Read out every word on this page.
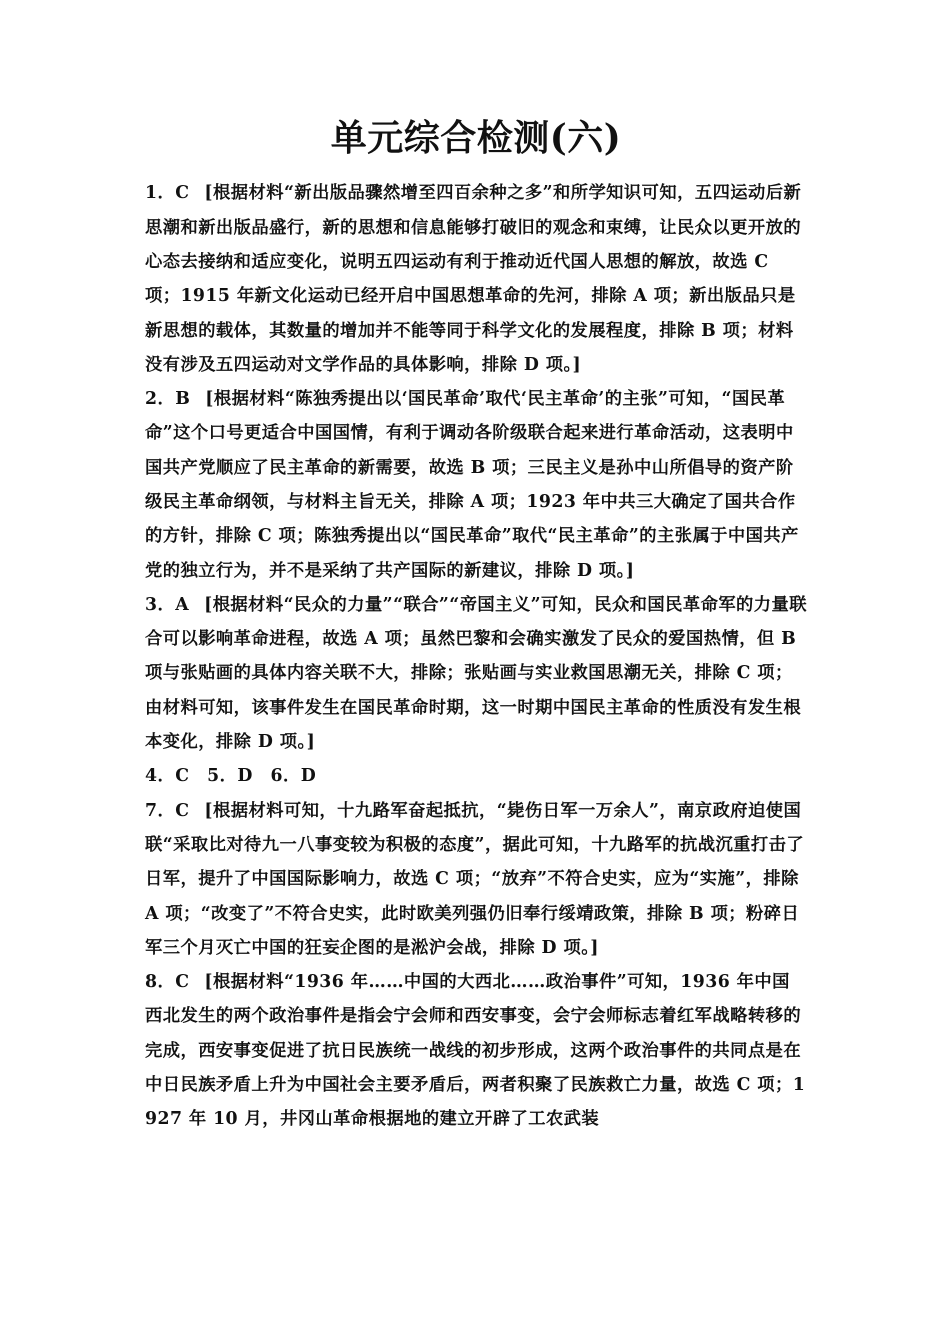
单元综合检测(六)

1．C [根据材料“新出版品骤然增至四百余种之多”和所学知识可知，五四运动后新思潮和新出版品盛行，新的思想和信息能够打破旧的观念和束缚，让民众以更开放的心态去接纳和适应变化，说明五四运动有利于推动近代国人思想的解放，故选 C 项；1915 年新文化运动已经开启中国思想革命的先河，排除 A 项；新出版品只是新思想的载体，其数量的增加并不能等同于科学文化的发展程度，排除 B 项；材料没有涉及五四运动对文学作品的具体影响，排除 D 项。]

2．B [根据材料“陈独秀提出以‘国民革命’取代‘民主革命’的主张”可知，“国民革命”这个口号更适合中国国情，有利于调动各阶级联合起来进行革命活动，这表明中国共产党顺应了民主革命的新需要，故选 B 项；三民主义是孙中山所倡导的资产阶级民主革命纲领，与材料主旨无关，排除 A 项；1923 年中共三大确定了国共合作的方针，排除 C 项；陈独秀提出以“国民革命”取代“民主革命”的主张属于中国共产党的独立行为，并不是采纳了共产国际的新建议，排除 D 项。]

3．A [根据材料“民众的力量”“联合”“帝国主义”可知，民众和国民革命军的力量联合可以影响革命进程，故选 A 项；虽然巴黎和会确实激发了民众的爱国热情，但 B 项与张贴画的具体内容关联不大，排除；张贴画与实业救国思潮无关，排除 C 项；由材料可知，该事件发生在国民革命时期，这一时期中国民主革命的性质没有发生根本变化，排除 D 项。]

4．C　5．D　6．D

7．C [根据材料可知，十九路军奋起抵抗，“毙伤日军一万余人”，南京政府迫使国联“采取比对待九一八事变较为积极的态度”，据此可知，十九路军的抗战沉重打击了日军，提升了中国国际影响力，故选 C 项；“放弃”不符合史实，应为“实施”，排除 A 项；“改变了”不符合史实，此时欧美列强仍旧奉行绥靖政策，排除 B 项；粉碎日军三个月灭亡中国的狂妄企图的是淞沪会战，排除 D 项。]

8．C [根据材料“1936 年……中国的大西北……政治事件”可知，1936 年中国西北发生的两个政治事件是指会宁会师和西安事变，会宁会师标志着红军战略转移的完成，西安事变促进了抗日民族统一战线的初步形成，这两个政治事件的共同点是在中日民族矛盾上升为中国社会主要矛盾后，两者积聚了民族救亡力量，故选 C 项；1927 年 10 月，井冈山革命根据地的建立开辟了工农武装
